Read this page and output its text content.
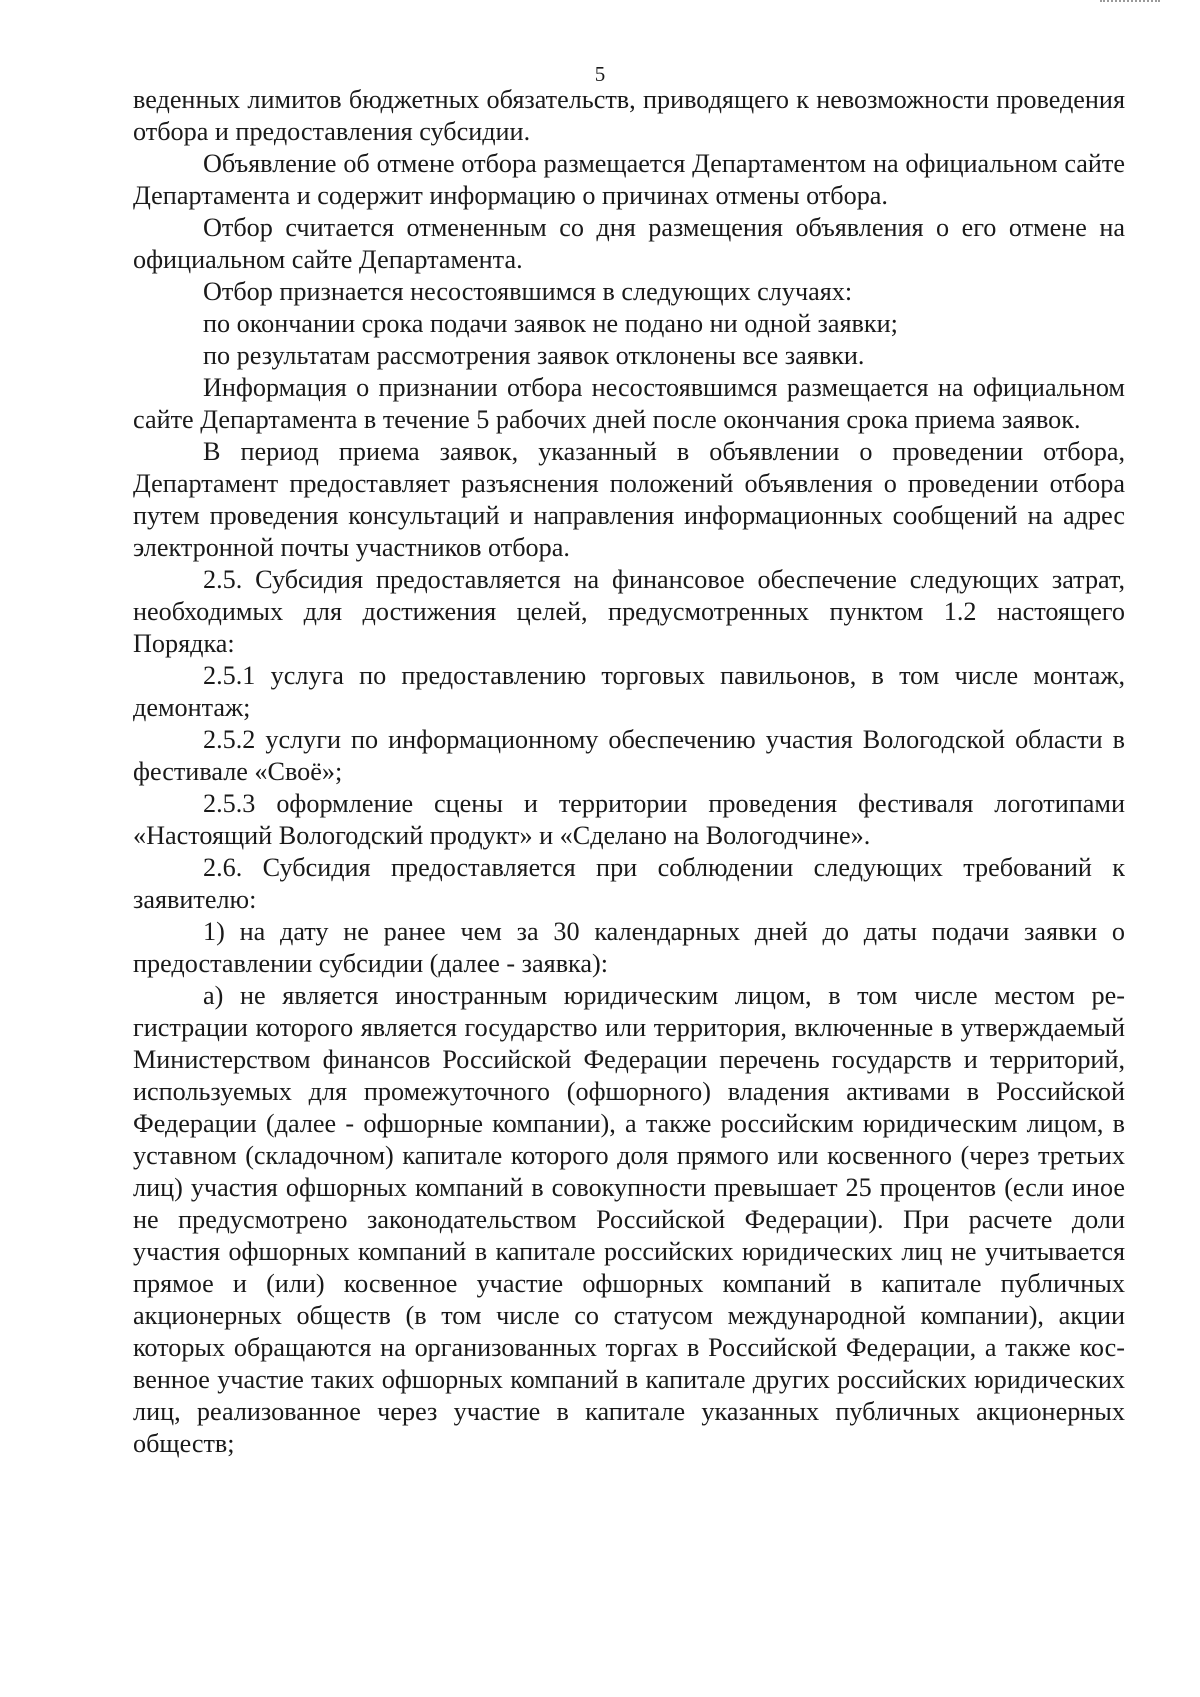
5

веденных лимитов бюджетных обязательств, приводящего к невозможности проведения отбора и предоставления субсидии.

Объявление об отмене отбора размещается Департаментом на официальном сайте Департамента и содержит информацию о причинах отмены отбора.

Отбор считается отмененным со дня размещения объявления о его отмене на официальном сайте Департамента.

Отбор признается несостоявшимся в следующих случаях:

по окончании срока подачи заявок не подано ни одной заявки;

по результатам рассмотрения заявок отклонены все заявки.

Информация о признании отбора несостоявшимся размещается на официальном сайте Департамента в течение 5 рабочих дней после окончания срока приема заявок.

В период приема заявок, указанный в объявлении о проведении отбора, Департамент предоставляет разъяснения положений объявления о проведении отбора путем проведения консультаций и направления информационных сообщений на адрес электронной почты участников отбора.

2.5. Субсидия предоставляется на финансовое обеспечение следующих затрат, необходимых для достижения целей, предусмотренных пунктом 1.2 настоящего Порядка:

2.5.1 услуга по предоставлению торговых павильонов, в том числе монтаж, демонтаж;

2.5.2 услуги по информационному обеспечению участия Вологодской области в фестивале «Своё»;

2.5.3 оформление сцены и территории проведения фестиваля логотипами «Настоящий Вологодский продукт» и «Сделано на Вологодчине».

2.6. Субсидия предоставляется при соблюдении следующих требований к заявителю:

1) на дату не ранее чем за 30 календарных дней до даты подачи заявки о предоставлении субсидии (далее - заявка):

а) не является иностранным юридическим лицом, в том числе местом регистрации которого является государство или территория, включенные в утверждаемый Министерством финансов Российской Федерации перечень государств и территорий, используемых для промежуточного (офшорного) владения активами в Российской Федерации (далее - офшорные компании), а также российским юридическим лицом, в уставном (складочном) капитале которого доля прямого или косвенного (через третьих лиц) участия офшорных компаний в совокупности превышает 25 процентов (если иное не предусмотрено законодательством Российской Федерации). При расчете доли участия офшорных компаний в капитале российских юридических лиц не учитывается прямое и (или) косвенное участие офшорных компаний в капитале публичных акционерных обществ (в том числе со статусом международной компании), акции которых обращаются на организованных торгах в Российской Федерации, а также косвенное участие таких офшорных компаний в капитале других российских юридических лиц, реализованное через участие в капитале указанных публичных акционерных обществ;
